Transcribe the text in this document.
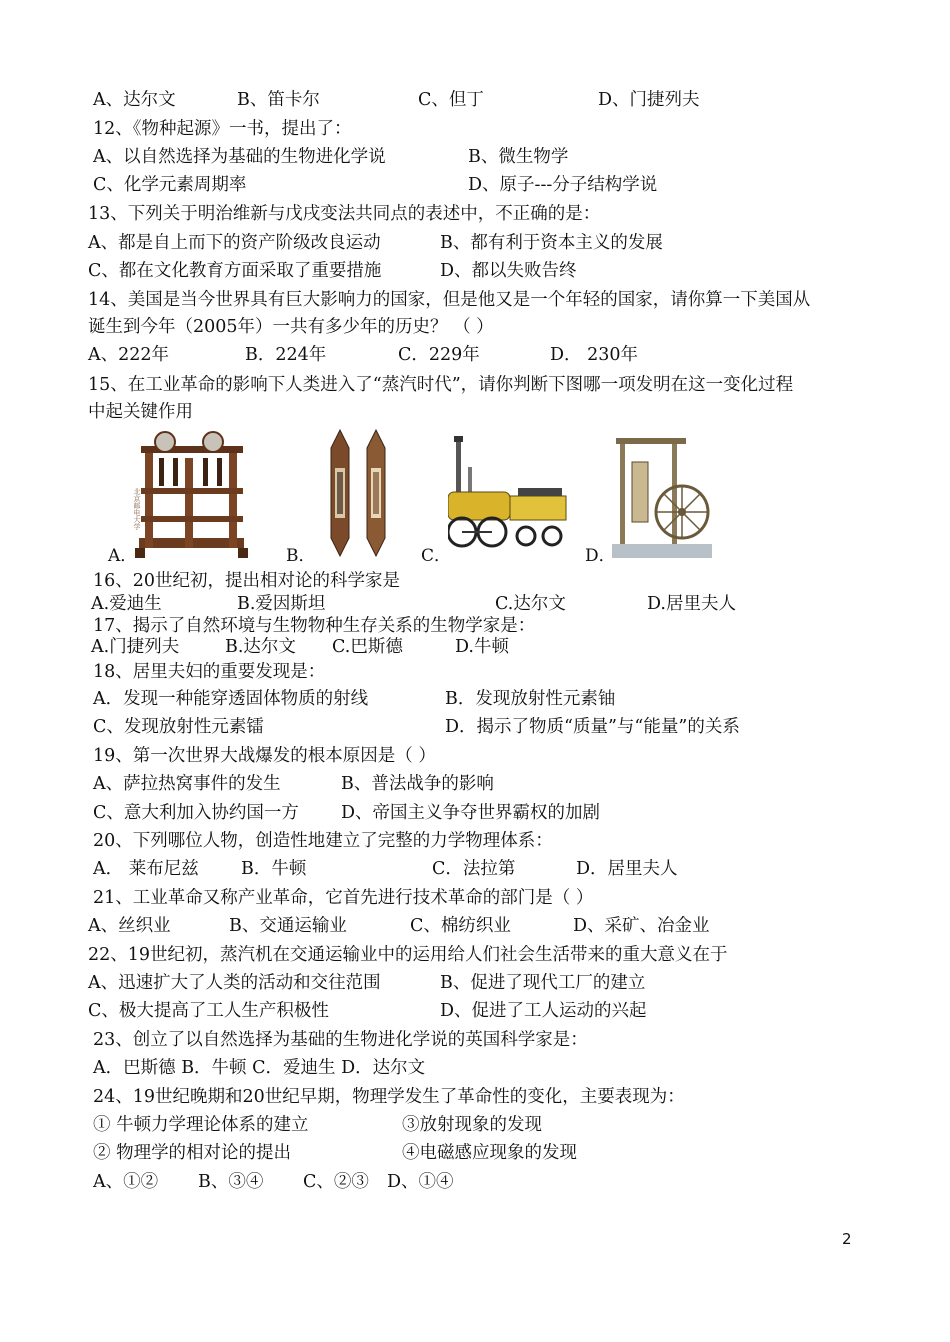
A、达尔文	B、笛卡尔	C、但丁	D、门捷列夫
12、《物种起源》一书，提出了：
A、以自然选择为基础的生物进化学说	B、微生物学
C、化学元素周期率	D、原子---分子结构学说
13、下列关于明治维新与戊戌变法共同点的表述中，不正确的是：
A、都是自上而下的资产阶级改良运动	B、都有利于资本主义的发展
C、都在文化教育方面采取了重要措施	D、都以失败告终
14、美国是当今世界具有巨大影响力的国家，但是他又是一个年轻的国家，请你算一下美国从
诞生到今年（2005年）一共有多少年的历史？ （ ）
A、222年	B．224年	C．229年	D． 230年
15、在工业革命的影响下人类进入了“蒸汽时代”，请你判断下图哪一项发明在这一变化过程
中起关键作用
北京邮电大学
A．	B．	C．	D．
16、20世纪初，提出相对论的科学家是
A.爱迪生	B.爱因斯坦	C.达尔文	D.居里夫人
17、揭示了自然环境与生物物种生存关系的生物学家是：
A.门捷列夫	B.达尔文 C.巴斯德	D.牛顿
18、居里夫妇的重要发现是：
A．发现一种能穿透固体物质的射线	B．发现放射性元素铀
C、发现放射性元素镭	D．揭示了物质“质量”与“能量”的关系
19、第一次世界大战爆发的根本原因是（ ）
A、萨拉热窝事件的发生	B、普法战争的影响
C、意大利加入协约国一方 D、帝国主义争夺世界霸权的加剧
20、下列哪位人物，创造性地建立了完整的力学物理体系：
A． 莱布尼兹 B．牛顿	C．法拉第	D．居里夫人
21、工业革命又称产业革命，它首先进行技术革命的部门是（ ）
A、丝织业	B、交通运输业	C、棉纺织业	D、采矿、冶金业
22、19世纪初，蒸汽机在交通运输业中的运用给人们社会生活带来的重大意义在于
A、迅速扩大了人类的活动和交往范围	B、促进了现代工厂的建立
C、极大提高了工人生产积极性	D、促进了工人运动的兴起
23、创立了以自然选择为基础的生物进化学说的英国科学家是：
A．巴斯德 B．牛顿 C．爱迪生 D．达尔文
24、19世纪晚期和20世纪早期，物理学发生了革命性的变化，主要表现为：
① 牛顿力学理论体系的建立	③放射现象的发现
② 物理学的相对论的提出	④电磁感应现象的发现
A、①② B、③④ C、②③ D、①④
2
